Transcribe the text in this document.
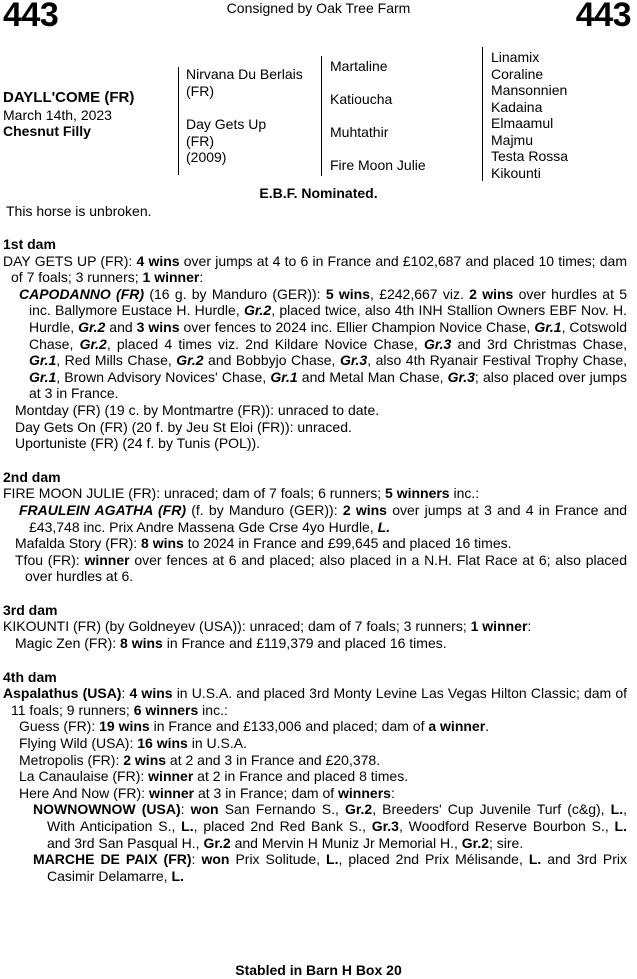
443	Consigned by Oak Tree Farm	443
DAYLL'COME (FR)
March 14th, 2023
Chesnut Filly
Nirvana Du Berlais (FR)
Day Gets Up
(FR)
(2009)
Martaline
Katioucha
Muhtathir
Fire Moon Julie
Linamix
Coraline
Mansonnien
Kadaina
Elmaamul
Majmu
Testa Rossa
Kikounti
E.B.F. Nominated.
This horse is unbroken.
1st dam

DAY GETS UP (FR): 4 wins over jumps at 4 to 6 in France and £102,687 and placed 10 times; dam of 7 foals; 3 runners; 1 winner:

CAPODANNO (FR) (16 g. by Manduro (GER)): 5 wins, £242,667 viz. 2 wins over hurdles at 5 inc. Ballymore Eustace H. Hurdle, Gr.2, placed twice, also 4th INH Stallion Owners EBF Nov. H. Hurdle, Gr.2 and 3 wins over fences to 2024 inc. Ellier Champion Novice Chase, Gr.1, Cotswold Chase, Gr.2, placed 4 times viz. 2nd Kildare Novice Chase, Gr.3 and 3rd Christmas Chase, Gr.1, Red Mills Chase, Gr.2 and Bobbyjo Chase, Gr.3, also 4th Ryanair Festival Trophy Chase, Gr.1, Brown Advisory Novices' Chase, Gr.1 and Metal Man Chase, Gr.3; also placed over jumps at 3 in France.

Montday (FR) (19 c. by Montmartre (FR)): unraced to date.

Day Gets On (FR) (20 f. by Jeu St Eloi (FR)): unraced.

Uportuniste (FR) (24 f. by Tunis (POL)).

2nd dam

FIRE MOON JULIE (FR): unraced; dam of 7 foals; 6 runners; 5 winners inc.:

FRAULEIN AGATHA (FR) (f. by Manduro (GER)): 2 wins over jumps at 3 and 4 in France and £43,748 inc. Prix Andre Massena Gde Crse 4yo Hurdle, L.

Mafalda Story (FR): 8 wins to 2024 in France and £99,645 and placed 16 times.

Tfou (FR): winner over fences at 6 and placed; also placed in a N.H. Flat Race at 6; also placed over hurdles at 6.

3rd dam

KIKOUNTI (FR) (by Goldneyev (USA)): unraced; dam of 7 foals; 3 runners; 1 winner:

Magic Zen (FR): 8 wins in France and £119,379 and placed 16 times.

4th dam

Aspalathus (USA): 4 wins in U.S.A. and placed 3rd Monty Levine Las Vegas Hilton Classic; dam of 11 foals; 9 runners; 6 winners inc.:

Guess (FR): 19 wins in France and £133,006 and placed; dam of a winner.

Flying Wild (USA): 16 wins in U.S.A.

Metropolis (FR): 2 wins at 2 and 3 in France and £20,378.

La Canaulaise (FR): winner at 2 in France and placed 8 times.

Here And Now (FR): winner at 3 in France; dam of winners:

NOWNOWNOW (USA): won San Fernando S., Gr.2, Breeders' Cup Juvenile Turf (c&g), L., With Anticipation S., L., placed 2nd Red Bank S., Gr.3, Woodford Reserve Bourbon S., L. and 3rd San Pasqual H., Gr.2 and Mervin H Muniz Jr Memorial H., Gr.2; sire.

MARCHE DE PAIX (FR): won Prix Solitude, L., placed 2nd Prix Mélisande, L. and 3rd Prix Casimir Delamarre, L.

Stabled in Barn H Box 20
